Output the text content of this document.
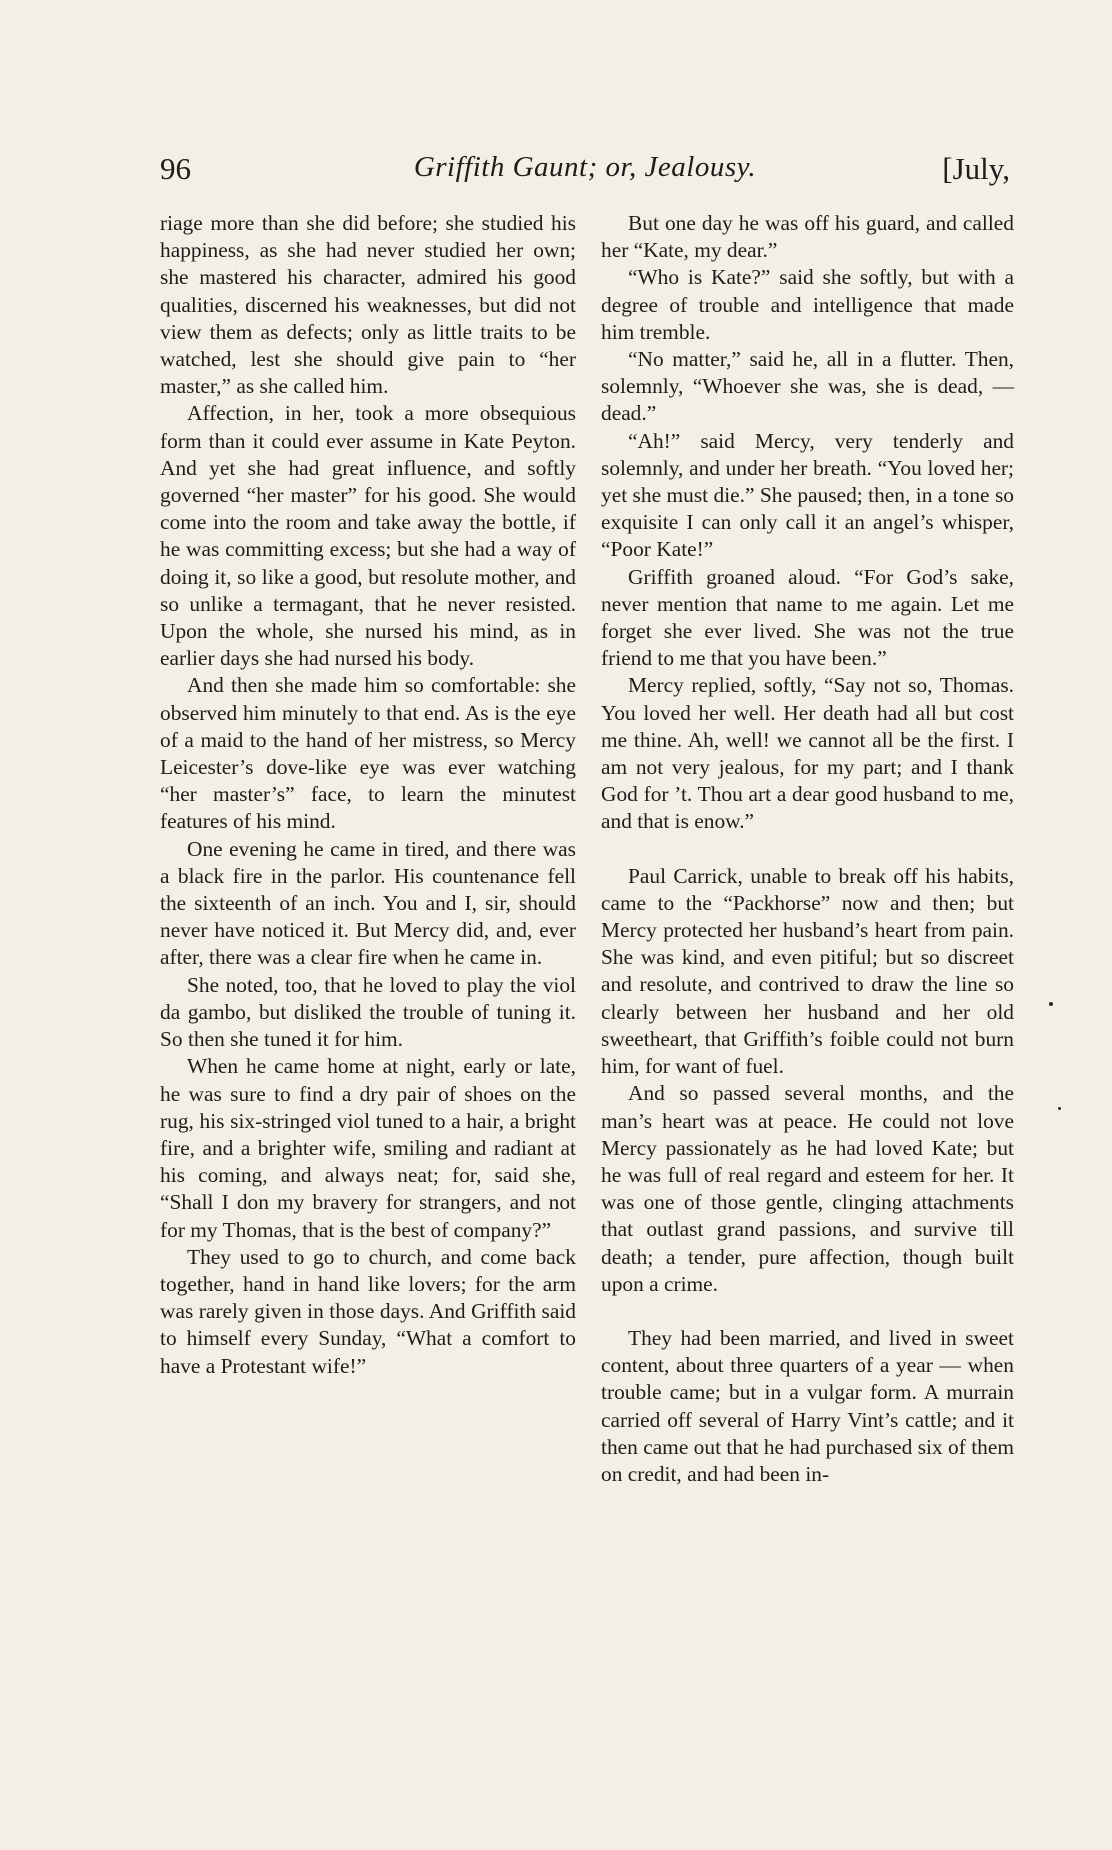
96	Griffith Gaunt; or, Jealousy.	[July,

riage more than she did before; she studied his happiness, as she had never studied her own; she mastered his character, admired his good qualities, discerned his weaknesses, but did not view them as defects; only as little traits to be watched, lest she should give pain to “her master,” as she called him.

Affection, in her, took a more obsequious form than it could ever assume in Kate Peyton. And yet she had great influence, and softly governed “her master” for his good. She would come into the room and take away the bottle, if he was committing excess; but she had a way of doing it, so like a good, but resolute mother, and so unlike a termagant, that he never resisted. Upon the whole, she nursed his mind, as in earlier days she had nursed his body.

And then she made him so comfortable: she observed him minutely to that end. As is the eye of a maid to the hand of her mistress, so Mercy Leicester’s dove-like eye was ever watching “her master’s” face, to learn the minutest features of his mind.

One evening he came in tired, and there was a black fire in the parlor. His countenance fell the sixteenth of an inch. You and I, sir, should never have noticed it. But Mercy did, and, ever after, there was a clear fire when he came in.

She noted, too, that he loved to play the viol da gambo, but disliked the trouble of tuning it. So then she tuned it for him.

When he came home at night, early or late, he was sure to find a dry pair of shoes on the rug, his six-stringed viol tuned to a hair, a bright fire, and a brighter wife, smiling and radiant at his coming, and always neat; for, said she, “Shall I don my bravery for strangers, and not for my Thomas, that is the best of company?”

They used to go to church, and come back together, hand in hand like lovers; for the arm was rarely given in those days. And Griffith said to himself every Sunday, “What a comfort to have a Protestant wife!”

But one day he was off his guard, and called her “Kate, my dear.”

“Who is Kate?” said she softly, but with a degree of trouble and intelligence that made him tremble.

“No matter,” said he, all in a flutter. Then, solemnly, “Whoever she was, she is dead, — dead.”

“Ah!” said Mercy, very tenderly and solemnly, and under her breath. “You loved her; yet she must die.” She paused; then, in a tone so exquisite I can only call it an angel’s whisper, “Poor Kate!”

Griffith groaned aloud. “For God’s sake, never mention that name to me again. Let me forget she ever lived. She was not the true friend to me that you have been.”

Mercy replied, softly, “Say not so, Thomas. You loved her well. Her death had all but cost me thine. Ah, well! we cannot all be the first. I am not very jealous, for my part; and I thank God for ’t. Thou art a dear good husband to me, and that is enow.”

Paul Carrick, unable to break off his habits, came to the “Packhorse” now and then; but Mercy protected her husband’s heart from pain. She was kind, and even pitiful; but so discreet and resolute, and contrived to draw the line so clearly between her husband and her old sweetheart, that Griffith’s foible could not burn him, for want of fuel.

And so passed several months, and the man’s heart was at peace. He could not love Mercy passionately as he had loved Kate; but he was full of real regard and esteem for her. It was one of those gentle, clinging attachments that outlast grand passions, and survive till death; a tender, pure affection, though built upon a crime.

They had been married, and lived in sweet content, about three quarters of a year — when trouble came; but in a vulgar form. A murrain carried off several of Harry Vint’s cattle; and it then came out that he had purchased six of them on credit, and had been in-
